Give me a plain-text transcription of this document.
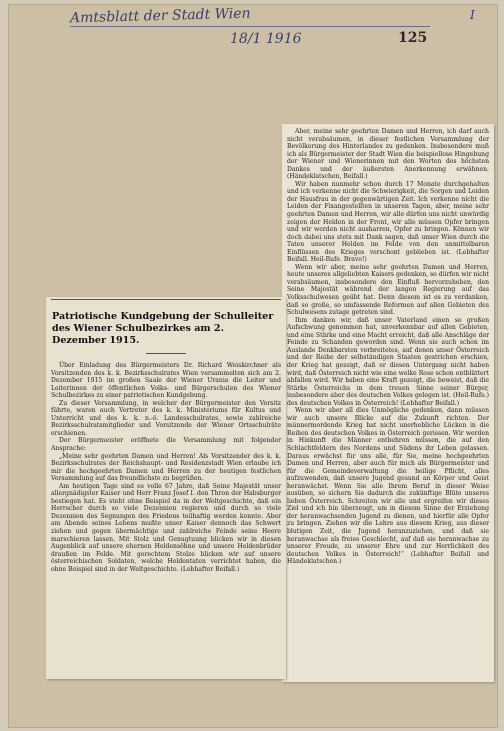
Amtsblatt der Stadt Wien
18/1 1916	125
I

Aber, meine sehr geehrten Damen und Herren, ich darf auch nicht verabsäumen, in dieser festlichen Versammlung der Bevölkerung des Hinterlandes zu gedenken. Insbesondere muß ich als Bürgermeister der Stadt Wien die beispiellose Hingebung der Wiener und Wienerinnen mit den Worten des höchsten Dankes und der äußersten Anerkennung erwähnen. (Händeklatschen, Beifall.)

Wir haben nunmehr schon durch 17 Monate durchgehalten und ich verkenne nicht die Schwierigkeit, die Sorgen und Leiden der Hausfrau in der gegenwärtigen Zeit. Ich verkenne nicht die Leiden der Fixangestellten in unseren Tagen, aber, meine sehr geehrten Damen und Herren, wir alle dürfen uns nicht unwürdig zeigen der Helden in der Front, wir alle müssen Opfer bringen und wir werden nicht ausharren, Opfer zu bringen. Können wir doch dabei uns stets mit Dank sagen, daß unser Wien durch die Taten unserer Helden im Felde von den unmittelbaren Einflüssen des Krieges verschont geblieben ist. (Lebhafter Beifall. Heil-Rufe. Bravo!)

Wenn wir aber, meine sehr geehrten Damen und Herren, heute unseres allgeliebten Kaisers gedenken, so dürfen wir nicht verabsäumen, insbesondere den Einfluß hervorzuheben, den Seine Majestät während der langen Regierung auf das Volksschulwesen geübt hat. Denn diesem ist es zu verdanken, daß so große, so umfassende Reformen auf allen Gebieten des Schulwesens zutage getreten sind.

Ihm danken wir, daß unser Vaterland einen so großen Aufschwung genommen hat, unverkennbar auf allen Gebieten, und eine Stärke und eine Macht erreicht, daß alle Anschläge der Feinde zu Schanden geworden sind. Wenn sie auch schon im Auslande Denkbarsten verbreitetes, auf denen unser Österreich und der Reihe der selbständigen Staaten gestrichen erschien, der Krieg hat gezeigt, daß er diesen Untergang nicht haben wird, daß Österreich nicht wie eine welke Rose schon entblättert abfallen wird. Wir haben eine Kraft gezeigt, die beweist, daß die Stärke Österreichs in dem treuen Sinne seiner Bürger, insbesondere aber des deutschen Volkes gelegen ist. (Heil-Rufe.) des deutschen Volkes in Österreich! (Lebhafter Beifall.)

Wenn wir aber all dies Unmögliche gedenken, dann müssen wir auch unsere Blicke auf die Zukunft richten. Der männermordende Krieg hat nicht unerhebliche Lücken in die Reihen des deutschen Volkes in Österreich gerissen. Wir werden in Hinkunft die Männer entbehren müssen, die auf den Schlachtfeldern des Nordens und Südens ihr Leben gelassen. Daraus erwächst für uns alle, für Sie, meine hochgeehrten Damen und Herren, aber auch für mich als Bürgermeister und für die Gemeindeverwaltung die heilige Pflicht, alles aufzuwenden, daß unsere Jugend gesund an Körper und Geist heranwächst. Wenn Sie alle Ihrem Beruf in dieser Weise ausüben, so sichern Sie dadurch die zukünftige Blüte unseres lieben Österreich. Schreiten wir alle und ergreifen wir dieses Ziel und ich bin überzeugt, um in diesem Sinne der Erziehung der heranwachsenden Jugend zu dienen, und hierfür alle Opfer zu bringen. Ziehen wir die Lehre aus diesem Krieg, aus dieser blutigen Zeit, die Jugend heranzuziehen, und daß sie heranwachse als freies Geschlecht, auf daß sie heranwachse zu unserer Freude, zu unserer Ehre und zur Herrlichkeit des deutschen Volkes in Österreich!“ (Lebhafter Beifall und Händeklatschen.)

Patriotische Kundgebung der Schulleiter des Wiener Schulbezirkes am 2. Dezember 1915.

Über Einladung des Bürgermeisters Dr. Richard Weiskirchner als Vorsitzenden des k. k. Bezirksschulrates Wien versammelten sich am 2. Dezember 1915 im großen Saale der Wiener Urania die Leiter und Leiterinnen der öffentlichen Volks- und Bürgerschulen des Wiener Schulbezirkes zu einer patriotischen Kundgebung.

Zu dieser Versammlung, in welcher der Bürgermeister den Vorsitz führte, waren auch Vertreter des k. k. Ministeriums für Kultus und Unterricht und des k. k. n.-ö. Landesschulrates, sowie zahlreiche Bezirksschulratsmitglieder und Vorsitzende der Wiener Ortsschulräte erschienen.

Der Bürgermeister eröffnete die Versammlung mit folgender Ansprache:

„Meine sehr geehrten Damen und Herren! Als Vorsitzender des k. k. Bezirksschulrates der Reichshaupt- und Residenzstadt Wien erlaube ich mir die hochgeehrten Damen und Herren zu der heutigen festlichen Versammlung auf das freundlichste zu begrüßen.

Am heutigen Tage sind es volle 67 Jahre, daß Seine Majestät unser allergnädigster Kaiser und Herr Franz Josef I. den Thron der Habsburger bestiegen hat. Es steht ohne Beispiel da in der Weltgeschichte, daß ein Herrscher durch so viele Dezennien regieren und durch so viele Dezennien des Segnungen des Friedens teilhaftig werden konnte. Aber am Abende seines Lebens mußte unser Kaiser dennoch das Schwert ziehen und gegen übermächtige und zahlreiche Feinde seine Heere marschieren lassen. Mit Stolz und Genugtuung blicken wir in diesen Augenblick auf unsere ehernen Heldensöhne und unsere Heldenbrüder draußen im Felde. Mit gerechtem Stolze blicken wir auf unsere österreichischen Soldaten, welche Heldentaten verrichtet haben, die ohne Beispiel sind in der Weltgeschichte. (Lebhafter Beifall.)
